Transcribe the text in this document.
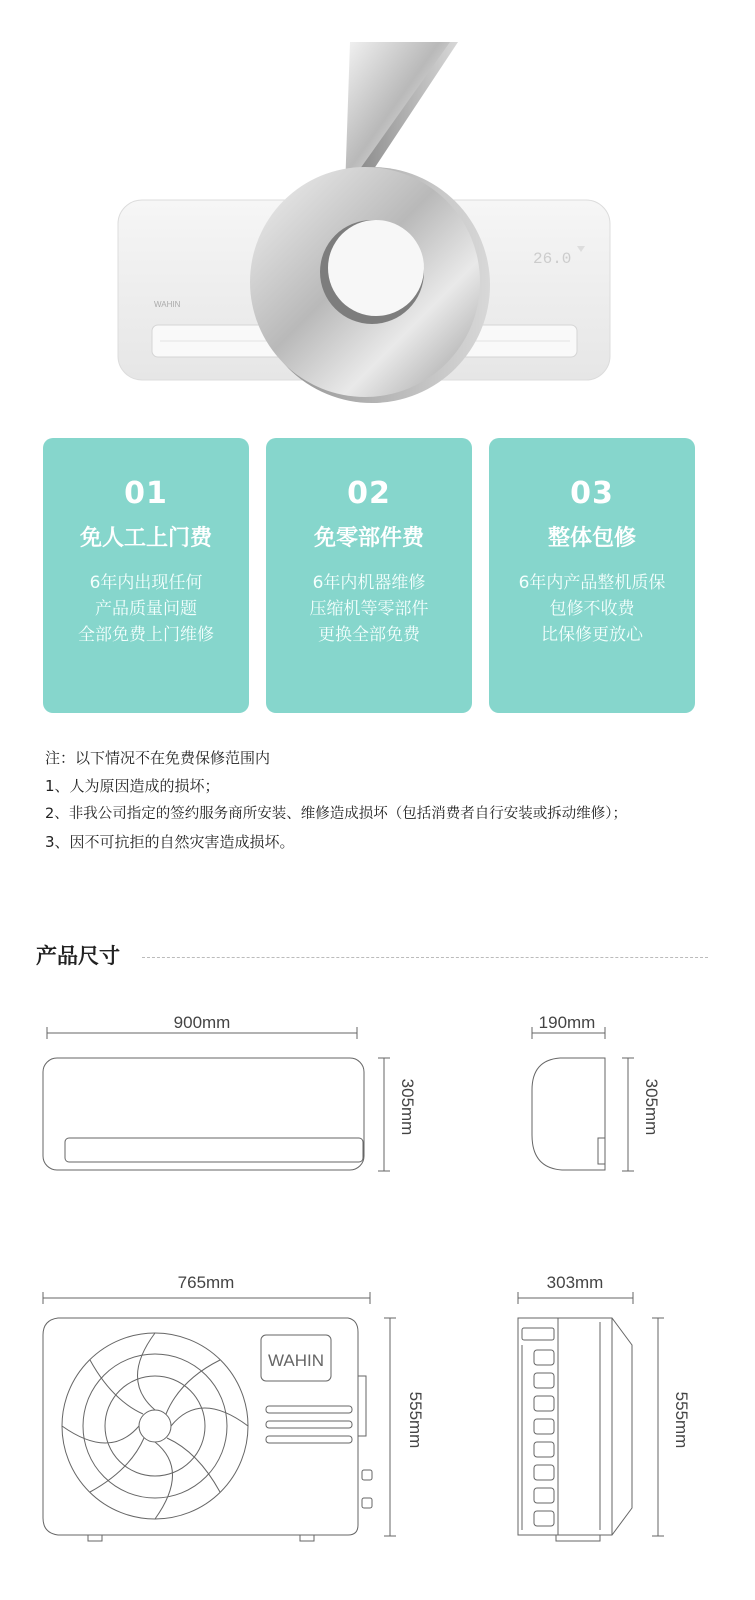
WAHIN
26.0
01
免人工上门费
6年内出现任何
产品质量问题
全部免费上门维修
02
免零部件费
6年内机器维修
压缩机等零部件
更换全部免费
03
整体包修
6年内产品整机质保
包修不收费
比保修更放心
注：以下情况不在免费保修范围内
1、人为原因造成的损坏；
2、非我公司指定的签约服务商所安装、维修造成损坏（包括消费者自行安装或拆动维修）；
3、因不可抗拒的自然灾害造成损坏。
产品尺寸
900mm
305mm
190mm
305mm
765mm
WAHIN
555mm
303mm
555mm
